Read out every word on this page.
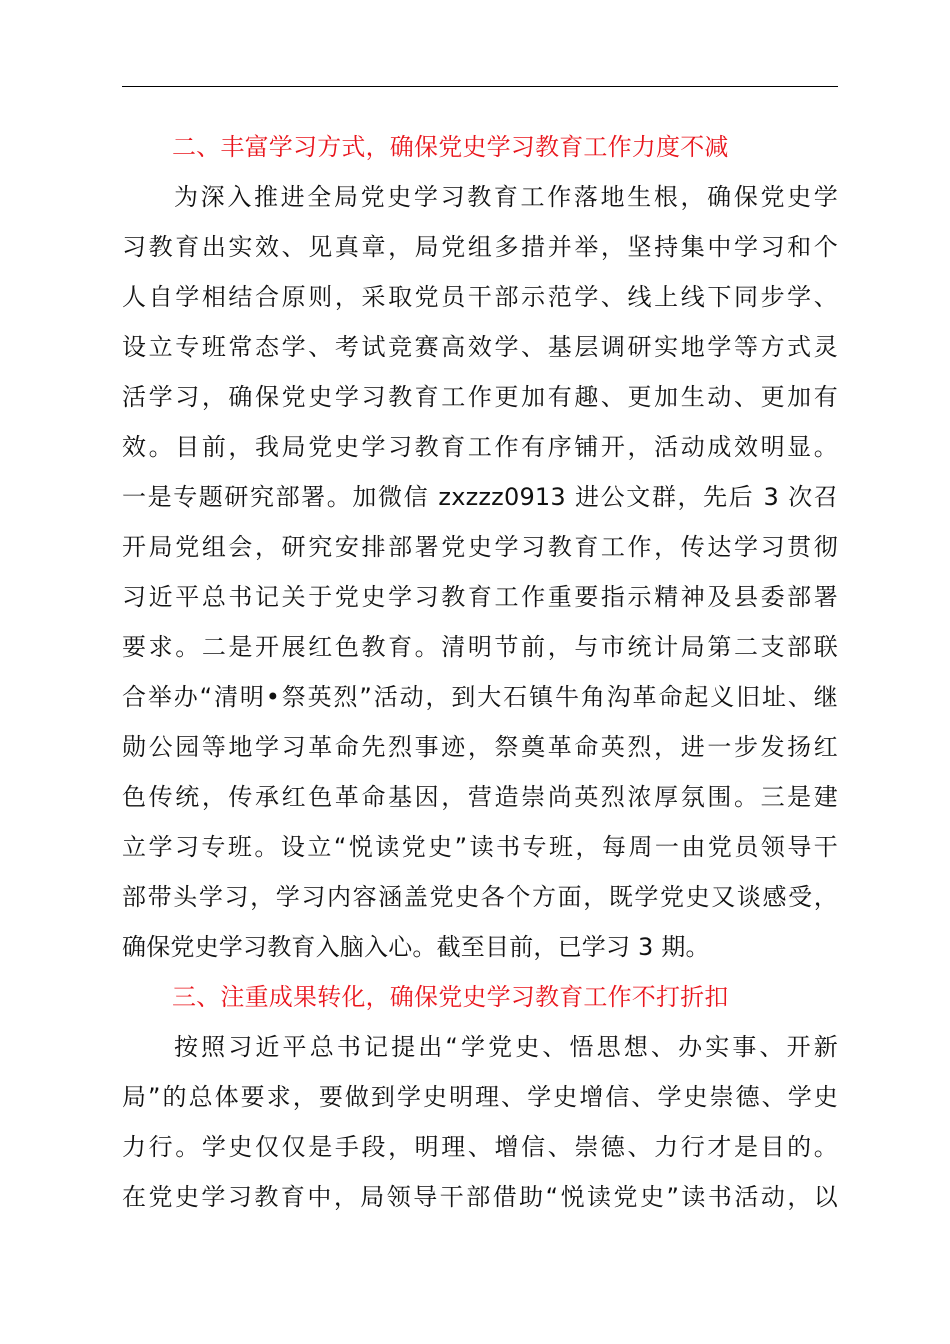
二、丰富学习方式，确保党史学习教育工作力度不减
为深入推进全局党史学习教育工作落地生根，确保党史学
习教育出实效、见真章，局党组多措并举，坚持集中学习和个
人自学相结合原则，采取党员干部示范学、线上线下同步学、
设立专班常态学、考试竞赛高效学、基层调研实地学等方式灵
活学习，确保党史学习教育工作更加有趣、更加生动、更加有
效。目前，我局党史学习教育工作有序铺开，活动成效明显。
一是专题研究部署。加微信 zxzzz0913 进公文群，先后 3 次召
开局党组会，研究安排部署党史学习教育工作，传达学习贯彻
习近平总书记关于党史学习教育工作重要指示精神及县委部署
要求。二是开展红色教育。清明节前，与市统计局第二支部联
合举办“清明•祭英烈”活动，到大石镇牛角沟革命起义旧址、继
勋公园等地学习革命先烈事迹，祭奠革命英烈，进一步发扬红
色传统，传承红色革命基因，营造崇尚英烈浓厚氛围。三是建
立学习专班。设立“悦读党史”读书专班，每周一由党员领导干
部带头学习，学习内容涵盖党史各个方面，既学党史又谈感受，
确保党史学习教育入脑入心。截至目前，已学习 3 期。
三、注重成果转化，确保党史学习教育工作不打折扣
按照习近平总书记提出“学党史、悟思想、办实事、开新
局”的总体要求，要做到学史明理、学史增信、学史崇德、学史
力行。学史仅仅是手段，明理、增信、崇德、力行才是目的。
在党史学习教育中，局领导干部借助“悦读党史”读书活动，以
